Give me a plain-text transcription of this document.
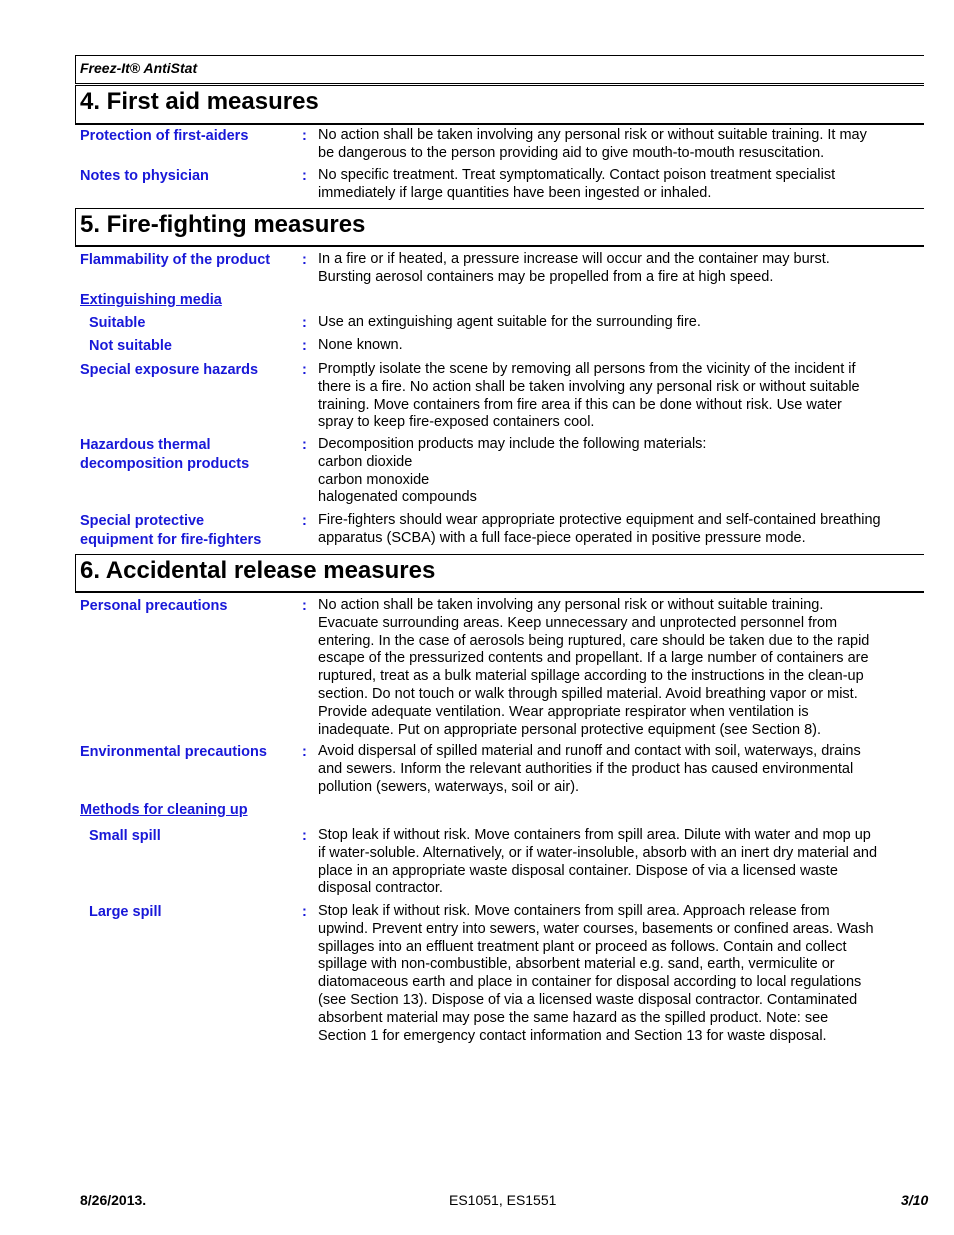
Freez-It® AntiStat
4. First aid measures
Protection of first-aiders	: No action shall be taken involving any personal risk or without suitable training. It may
be dangerous to the person providing aid to give mouth-to-mouth resuscitation.
Notes to physician	: No specific treatment. Treat symptomatically. Contact poison treatment specialist
immediately if large quantities have been ingested or inhaled.
5. Fire-fighting measures
Flammability of the product : In a fire or if heated, a pressure increase will occur and the container may burst.
Bursting aerosol containers may be propelled from a fire at high speed.
Extinguishing media
Suitable	: Use an extinguishing agent suitable for the surrounding fire.
Not suitable	: None known.
Special exposure hazards	: Promptly isolate the scene by removing all persons from the vicinity of the incident if
there is a fire. No action shall be taken involving any personal risk or without suitable
training. Move containers from fire area if this can be done without risk. Use water
spray to keep fire-exposed containers cool.
Hazardous thermal
decomposition products
: Decomposition products may include the following materials:
carbon dioxide
carbon monoxide
halogenated compounds
Special protective
equipment for fire-fighters
: Fire-fighters should wear appropriate protective equipment and self-contained breathing
apparatus (SCBA) with a full face-piece operated in positive pressure mode.
6. Accidental release measures
Personal precautions	: No action shall be taken involving any personal risk or without suitable training.
Evacuate surrounding areas. Keep unnecessary and unprotected personnel from
entering. In the case of aerosols being ruptured, care should be taken due to the rapid
escape of the pressurized contents and propellant. If a large number of containers are
ruptured, treat as a bulk material spillage according to the instructions in the clean-up
section. Do not touch or walk through spilled material. Avoid breathing vapor or mist.
Provide adequate ventilation. Wear appropriate respirator when ventilation is
inadequate. Put on appropriate personal protective equipment (see Section 8).
Environmental precautions : Avoid dispersal of spilled material and runoff and contact with soil, waterways, drains
and sewers. Inform the relevant authorities if the product has caused environmental
pollution (sewers, waterways, soil or air).
Methods for cleaning up
Small spill	: Stop leak if without risk. Move containers from spill area. Dilute with water and mop up
if water-soluble. Alternatively, or if water-insoluble, absorb with an inert dry material and
place in an appropriate waste disposal container. Dispose of via a licensed waste
disposal contractor.
Large spill	: Stop leak if without risk. Move containers from spill area. Approach release from
upwind. Prevent entry into sewers, water courses, basements or confined areas. Wash
spillages into an effluent treatment plant or proceed as follows. Contain and collect
spillage with non-combustible, absorbent material e.g. sand, earth, vermiculite or
diatomaceous earth and place in container for disposal according to local regulations
(see Section 13). Dispose of via a licensed waste disposal contractor. Contaminated
absorbent material may pose the same hazard as the spilled product. Note: see
Section 1 for emergency contact information and Section 13 for waste disposal.
8/26/2013.	ES1051, ES1551	3/10
